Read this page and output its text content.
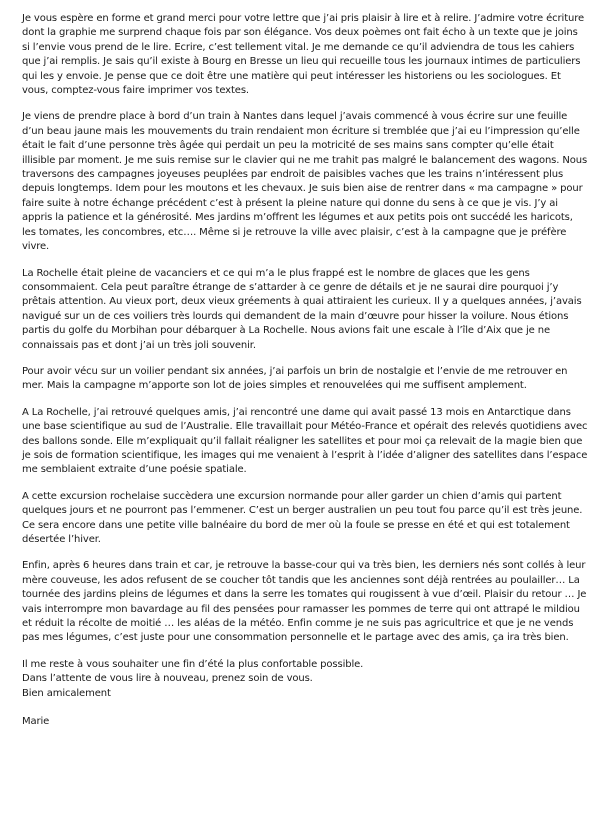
Je vous espère en forme et grand merci pour votre lettre que j’ai pris plaisir à lire et à relire. J’admire votre écriture dont la graphie me surprend chaque fois par son élégance. Vos deux poèmes ont fait écho à un texte que je joins si l’envie vous prend de le lire. Ecrire, c’est tellement vital. Je me demande ce qu’il adviendra de tous les cahiers que j’ai remplis. Je sais qu’il existe à Bourg en Bresse un lieu qui recueille tous les journaux intimes de particuliers qui les y envoie. Je pense que ce doit être une matière qui peut intéresser les historiens ou les sociologues. Et vous, comptez-vous faire imprimer vos textes.

Je viens de prendre place à bord d’un train à Nantes dans lequel j’avais commencé à vous écrire sur une feuille d’un beau jaune mais les mouvements du train rendaient mon écriture si tremblée que j’ai eu l’impression qu’elle était le fait d’une personne très âgée qui perdait un peu la motricité de ses mains sans compter qu’elle était illisible par moment. Je me suis remise sur le clavier qui ne me trahit pas malgré le balancement des wagons. Nous traversons des campagnes joyeuses peuplées par endroit de paisibles vaches que les trains n’intéressent plus depuis longtemps. Idem pour les moutons et les chevaux. Je suis bien aise de rentrer dans « ma campagne » pour faire suite à notre échange précédent c’est à présent la pleine nature qui donne du sens à ce que je vis. J’y ai appris la patience et la générosité. Mes jardins m’offrent les légumes et aux petits pois ont succédé les haricots, les tomates, les concombres, etc…. Même si je retrouve la ville avec plaisir, c’est à la campagne que je préfère vivre.

La Rochelle était pleine de vacanciers et ce qui m’a le plus frappé est le nombre de glaces que les gens consommaient. Cela peut paraître étrange de s’attarder à ce genre de détails et je ne saurai dire pourquoi j’y prêtais attention. Au vieux port, deux vieux gréements à quai attiraient les curieux. Il y a quelques années, j’avais navigué sur un de ces voiliers très lourds qui demandent de la main d’œuvre pour hisser la voilure. Nous étions partis du golfe du Morbihan pour débarquer à La Rochelle. Nous avions fait une escale à l’île d’Aix que je ne connaissais pas et dont j’ai un très joli souvenir.

Pour avoir vécu sur un voilier pendant six années, j’ai parfois un brin de nostalgie et l’envie de me retrouver en mer. Mais la campagne m’apporte son lot de joies simples et renouvelées qui me suffisent amplement.

A La Rochelle, j’ai retrouvé quelques amis, j’ai rencontré une dame qui avait passé 13 mois en Antarctique dans une base scientifique au sud de l’Australie. Elle travaillait pour Météo-France et opérait des relevés quotidiens avec des ballons sonde. Elle m’expliquait qu’il fallait réaligner les satellites et pour moi ça relevait de la magie bien que je sois de formation scientifique, les images qui me venaient à l’esprit à l’idée d’aligner des satellites dans l’espace me semblaient extraite d’une poésie spatiale.

A cette excursion rochelaise succèdera une excursion normande pour aller garder un chien d’amis qui partent quelques jours et ne pourront pas l’emmener. C’est un berger australien un peu tout fou parce qu’il est très jeune. Ce sera encore dans une petite ville balnéaire du bord de mer où la foule se presse en été et qui est totalement désertée l’hiver.

Enfin, après 6 heures dans train et car, je retrouve la basse-cour qui va très bien, les derniers nés sont collés à leur mère couveuse, les ados refusent de se coucher tôt tandis que les anciennes sont déjà rentrées au poulailler… La tournée des jardins pleins de légumes et dans la serre les tomates qui rougissent à vue d’œil. Plaisir du retour … Je vais interrompre mon bavardage au fil des pensées pour ramasser les pommes de terre qui ont attrapé le mildiou et réduit la récolte de moitié … les aléas de la météo. Enfin comme je ne suis pas agricultrice et que je ne vends pas mes légumes, c’est juste pour une consommation personnelle et le partage avec des amis, ça ira très bien.

Il me reste à vous souhaiter une fin d’été la plus confortable possible.

Dans l’attente de vous lire à nouveau, prenez soin de vous.

Bien amicalement

Marie
